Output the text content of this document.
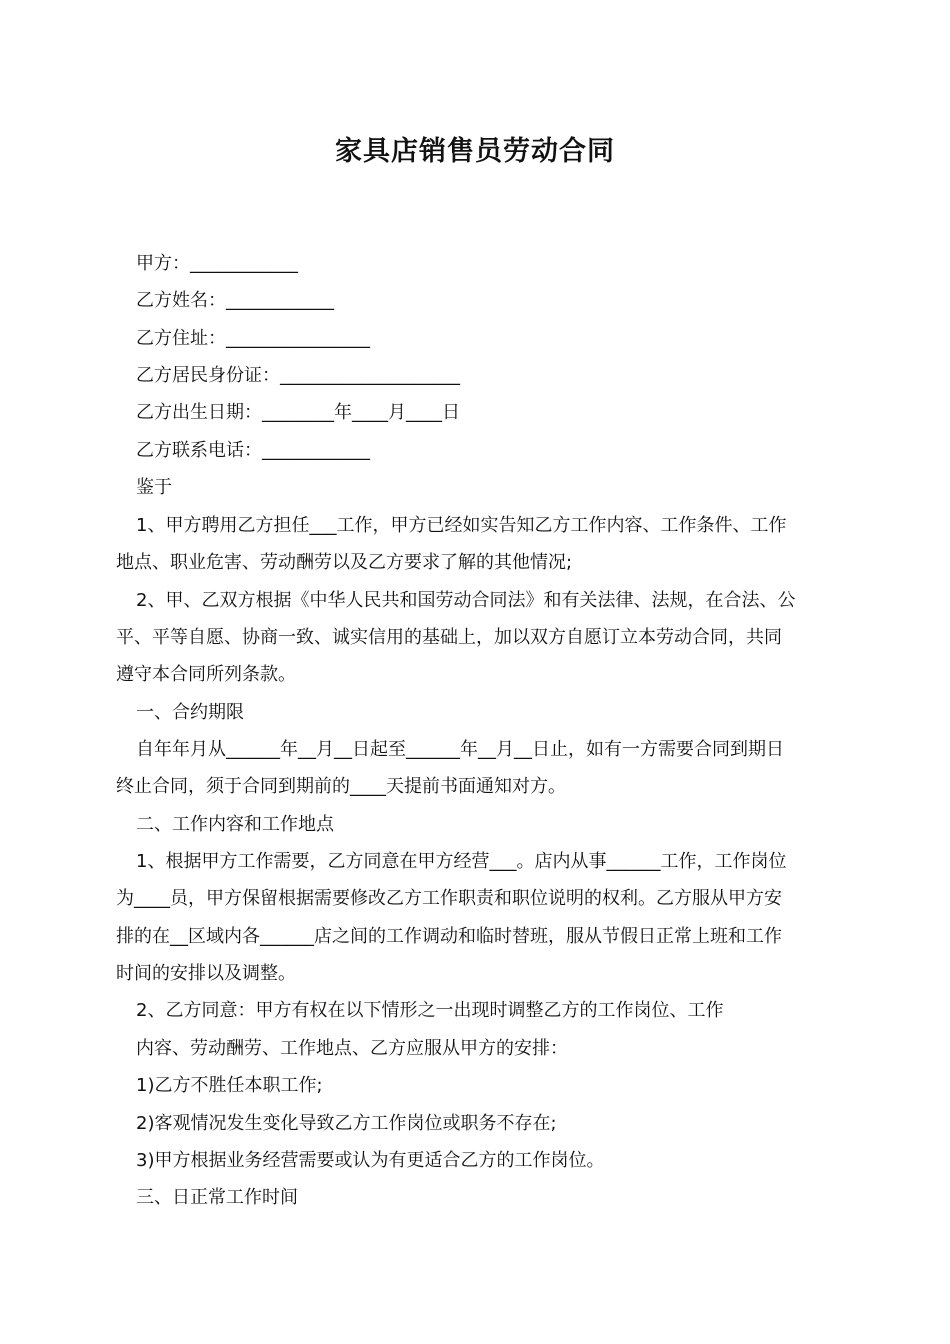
家具店销售员劳动合同
甲方：____________
乙方姓名：____________
乙方住址：________________
乙方居民身份证：____________________
乙方出生日期：________年____月____日
乙方联系电话：____________
鉴于
1、甲方聘用乙方担任___工作，甲方已经如实告知乙方工作内容、工作条件、工作
地点、职业危害、劳动酬劳以及乙方要求了解的其他情况;
2、甲、乙双方根据《中华人民共和国劳动合同法》和有关法律、法规，在合法、公
平、平等自愿、协商一致、诚实信用的基础上，加以双方自愿订立本劳动合同，共同
遵守本合同所列条款。
一、合约期限
自年年月从______年__月__日起至______年__月__日止，如有一方需要合同到期日
终止合同，须于合同到期前的____天提前书面通知对方。
二、工作内容和工作地点
1、根据甲方工作需要，乙方同意在甲方经营___。店内从事______工作，工作岗位
为____员，甲方保留根据需要修改乙方工作职责和职位说明的权利。乙方服从甲方安
排的在__区域内各______店之间的工作调动和临时替班，服从节假日正常上班和工作
时间的安排以及调整。
2、乙方同意：甲方有权在以下情形之一出现时调整乙方的工作岗位、工作
内容、劳动酬劳、工作地点、乙方应服从甲方的安排：
1)乙方不胜任本职工作;
2)客观情况发生变化导致乙方工作岗位或职务不存在;
3)甲方根据业务经营需要或认为有更适合乙方的工作岗位。
三、日正常工作时间
